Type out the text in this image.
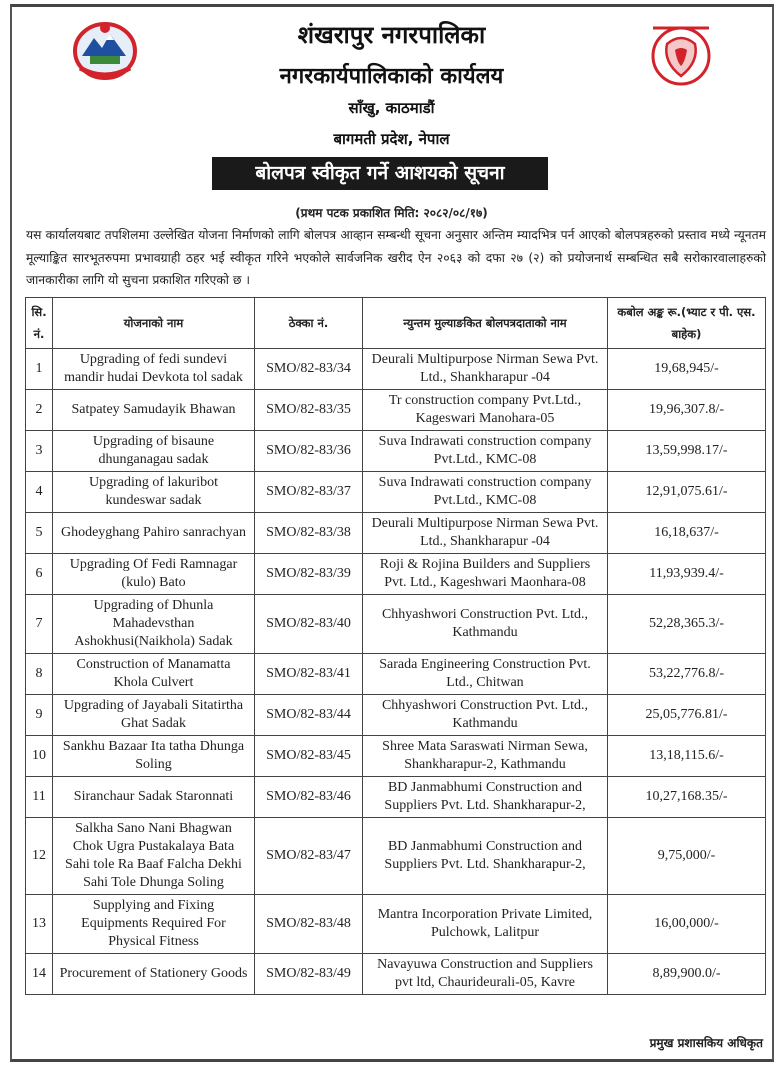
शंखरापुर नगरपालिका
नगरकार्यपालिकाको कार्यलय
साँखु, काठमाडौं
बागमती प्रदेश, नेपाल
बोलपत्र स्वीकृत गर्ने आशयको सूचना
(प्रथम पटक प्रकाशित मिति: २०८२/०८/१७)
यस कार्यालयबाट तपशिलमा उल्लेखित योजना निर्माणको लागि बोलपत्र आव्हान सम्बन्धी सूचना अनुसार अन्तिम म्यादभित्र पर्न आएको बोलपत्रहरुको प्रस्ताव मध्ये न्यूनतम मूल्याङ्कित सारभूतरुपमा प्रभावग्राही ठहर भई स्वीकृत गरिने भएकोले सार्वजनिक खरीद ऐन २०६३ को दफा २७ (२) को प्रयोजनार्थ सम्बन्धित सबै सरोकारवालाहरुको जानकारीका लागि यो सुचना प्रकाशित गरिएको छ ।
सि. नं.	योजनाको नाम	ठेक्का नं.	न्युन्तम मुल्याङकित बोलपत्रदाताको नाम	कबोल अङ्क रू.(भ्याट र पी. एस. बाहेक)
1	Upgrading of fedi sundevi mandir hudai Devkota tol sadak	SMO/82-83/34	Deurali Multipurpose Nirman Sewa Pvt. Ltd., Shankharapur -04	19,68,945/-
2	Satpatey Samudayik Bhawan	SMO/82-83/35	Tr construction company Pvt.Ltd., Kageswari Manohara-05	19,96,307.8/-
3	Upgrading of bisaune dhunganagau sadak	SMO/82-83/36	Suva Indrawati construction company Pvt.Ltd., KMC-08	13,59,998.17/-
4	Upgrading of lakuribot kundeswar sadak	SMO/82-83/37	Suva Indrawati construction company Pvt.Ltd., KMC-08	12,91,075.61/-
5	Ghodeyghang Pahiro sanrachyan	SMO/82-83/38	Deurali Multipurpose Nirman Sewa Pvt. Ltd., Shankharapur -04	16,18,637/-
6	Upgrading Of Fedi Ramnagar (kulo) Bato	SMO/82-83/39	Roji & Rojina Builders and Suppliers Pvt. Ltd., Kageshwari Maonhara-08	11,93,939.4/-
7	Upgrading of Dhunla Mahadevsthan Ashokhusi(Naikhola) Sadak	SMO/82-83/40	Chhyashwori Construction Pvt. Ltd., Kathmandu	52,28,365.3/-
8	Construction of Manamatta Khola Culvert	SMO/82-83/41	Sarada Engineering Construction Pvt. Ltd., Chitwan	53,22,776.8/-
9	Upgrading of Jayabali Sitatirtha Ghat Sadak	SMO/82-83/44	Chhyashwori Construction Pvt. Ltd., Kathmandu	25,05,776.81/-
10	Sankhu Bazaar Ita tatha Dhunga Soling	SMO/82-83/45	Shree Mata Saraswati Nirman Sewa, Shankharapur-2, Kathmandu	13,18,115.6/-
11	Siranchaur Sadak Staronnati	SMO/82-83/46	BD Janmabhumi Construction and Suppliers Pvt. Ltd. Shankharapur-2,	10,27,168.35/-
12	Salkha Sano Nani Bhagwan Chok Ugra Pustakalaya Bata Sahi tole Ra Baaf Falcha Dekhi Sahi Tole Dhunga Soling	SMO/82-83/47	BD Janmabhumi Construction and Suppliers Pvt. Ltd. Shankharapur-2,	9,75,000/-
13	Supplying and Fixing Equipments Required For Physical Fitness	SMO/82-83/48	Mantra Incorporation Private Limited, Pulchowk, Lalitpur	16,00,000/-
14	Procurement of Stationery Goods	SMO/82-83/49	Navayuwa Construction and Suppliers pvt ltd, Chaurideurali-05, Kavre	8,89,900.0/-
प्रमुख प्रशासकिय अधिकृत
